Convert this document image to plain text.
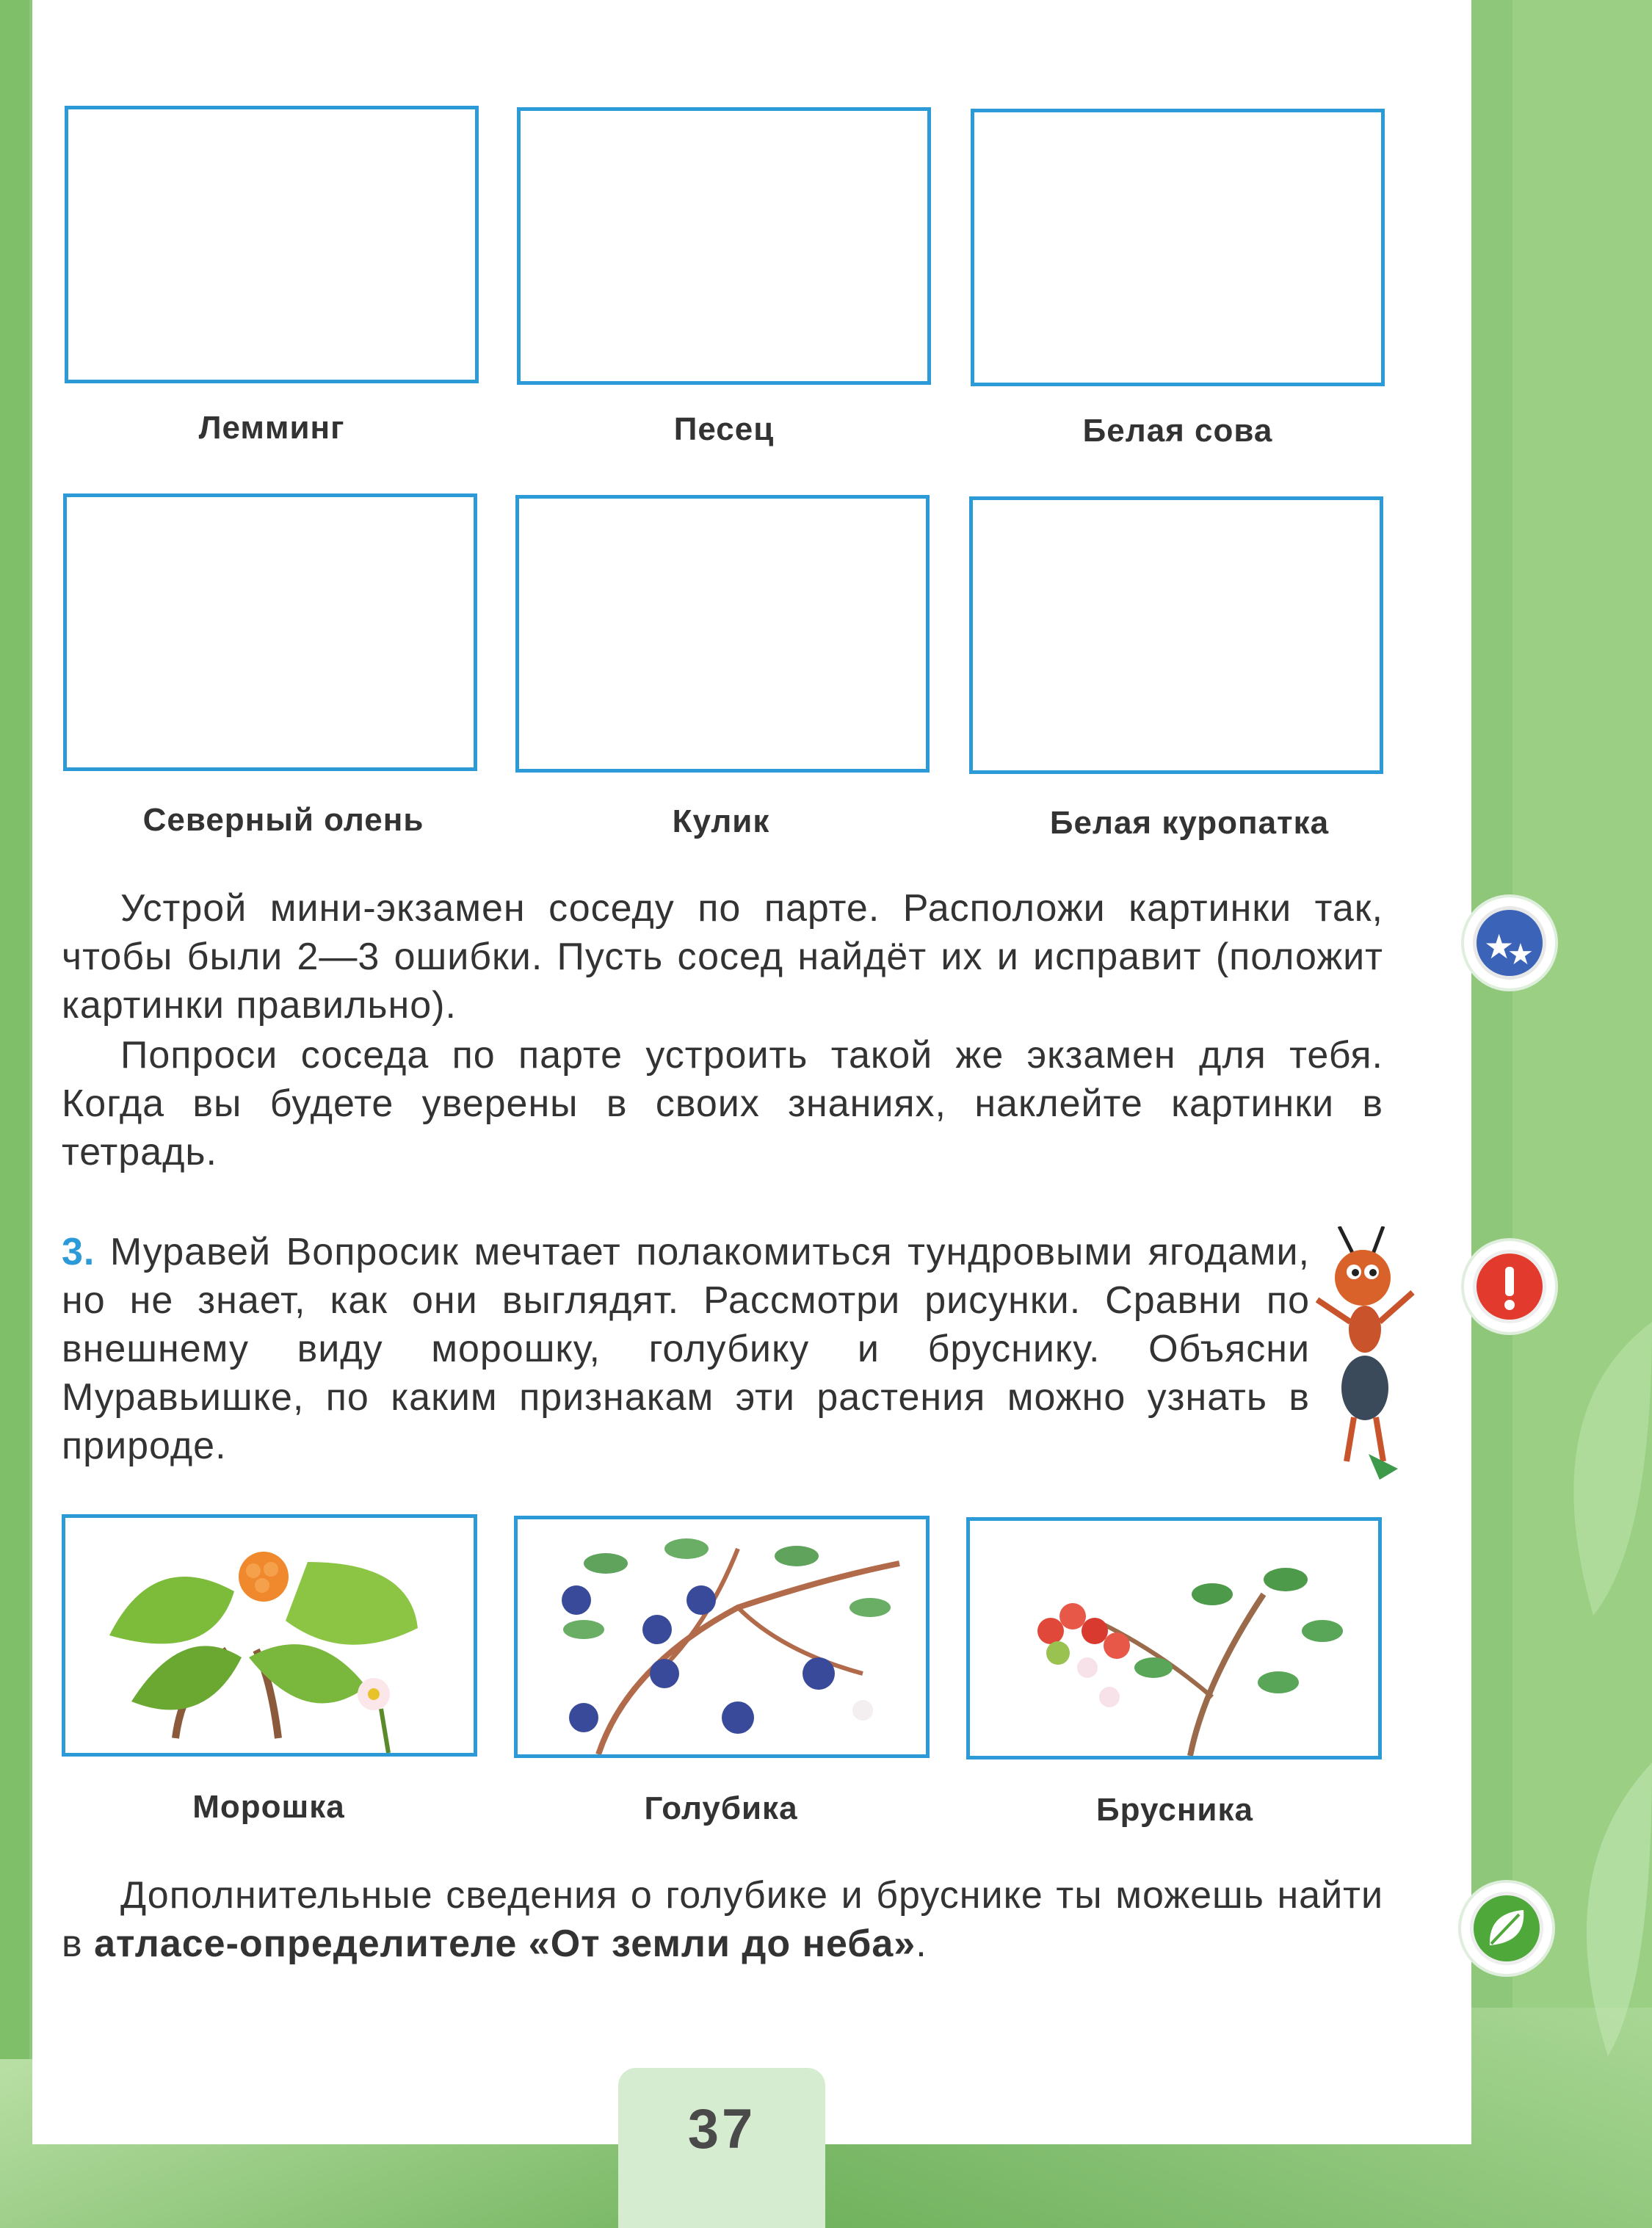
Лемминг	Песец	Белая сова
Северный олень	Кулик	Белая куропатка
Устрой мини-экзамен соседу по парте. Расположи картинки так, чтобы были 2—3 ошибки. Пусть сосед найдёт их и исправит (положит картинки правильно).
Попроси соседа по парте устроить такой же экзамен для тебя. Когда вы будете уверены в своих знаниях, наклейте картинки в тетрадь.
3. Муравей Вопросик мечтает полакомиться тундровыми ягодами, но не знает, как они выглядят. Рассмотри рисунки. Сравни по внешнему виду морошку, голубику и бруснику. Объясни Муравьишке, по каким признакам эти растения можно узнать в природе.
Морошка	Голубика	Брусника
Дополнительные сведения о голубике и бруснике ты можешь найти в атласе-определителе «От земли до неба».
★
★
37
